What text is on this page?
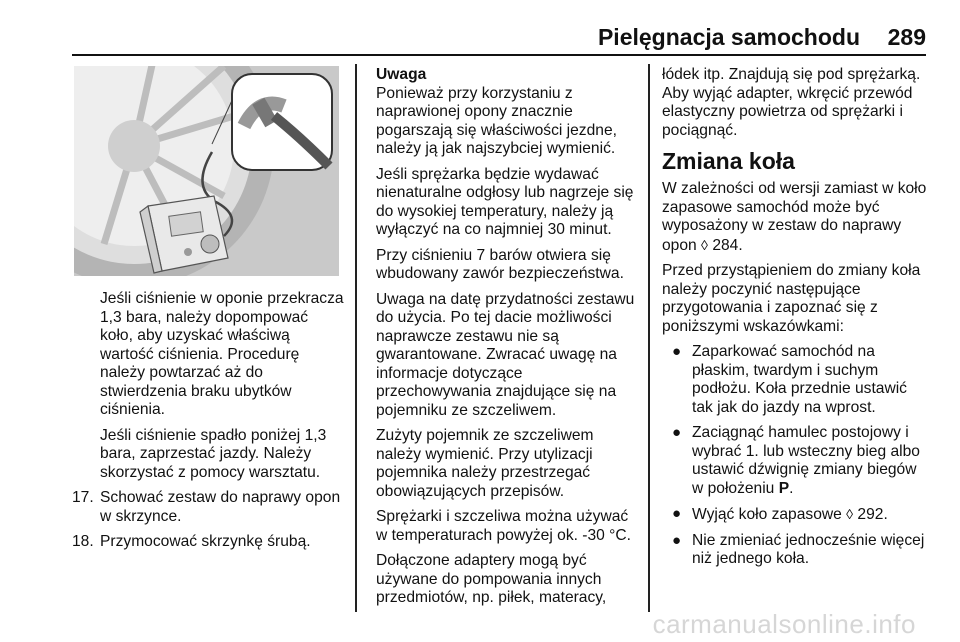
Pielęgnacja samochodu 289

Jeśli ciśnienie w oponie przekracza 1,3 bara, należy dopompować koło, aby uzyskać właściwą wartość ciśnienia. Procedurę należy powtarzać aż do stwierdzenia braku ubytków ciśnienia.

Jeśli ciśnienie spadło poniżej 1,3 bara, zaprzestać jazdy. Należy skorzystać z pomocy warsztatu.

17. Schować zestaw do naprawy opon w skrzynce.
18. Przymocować skrzynkę śrubą.
Uwaga

Ponieważ przy korzystaniu z naprawionej opony znacznie pogarszają się właściwości jezdne, należy ją jak najszybciej wymienić.

Jeśli sprężarka będzie wydawać nienaturalne odgłosy lub nagrzeje się do wysokiej temperatury, należy ją wyłączyć na co najmniej 30 minut.

Przy ciśnieniu 7 barów otwiera się wbudowany zawór bezpieczeństwa.

Uwaga na datę przydatności zestawu do użycia. Po tej dacie możliwości naprawcze zestawu nie są gwarantowane. Zwracać uwagę na informacje dotyczące przechowywania znajdujące się na pojemniku ze szczeliwem.

Zużyty pojemnik ze szczeliwem należy wymienić. Przy utylizacji pojemnika należy przestrzegać obowiązujących przepisów.

Sprężarki i szczeliwa można używać w temperaturach powyżej ok. -30 °C.

Dołączone adaptery mogą być używane do pompowania innych przedmiotów, np. piłek, materacy,

łódek itp. Znajdują się pod sprężarką. Aby wyjąć adapter, wkręcić przewód elastyczny powietrza od sprężarki i pociągnąć.

Zmiana koła

W zależności od wersji zamiast w koło zapasowe samochód może być wyposażony w zestaw do naprawy opon ◊ 284.

Przed przystąpieniem do zmiany koła należy poczynić następujące przygotowania i zapoznać się z poniższymi wskazówkami:

● Zaparkować samochód na płaskim, twardym i suchym podłożu. Koła przednie ustawić tak jak do jazdy na wprost.
● Zaciągnąć hamulec postojowy i wybrać 1. lub wsteczny bieg albo ustawić dźwignię zmiany biegów w położeniu P.
● Wyjąć koło zapasowe ◊ 292.
● Nie zmieniać jednocześnie więcej niż jednego koła.
carmanualsonline.info
